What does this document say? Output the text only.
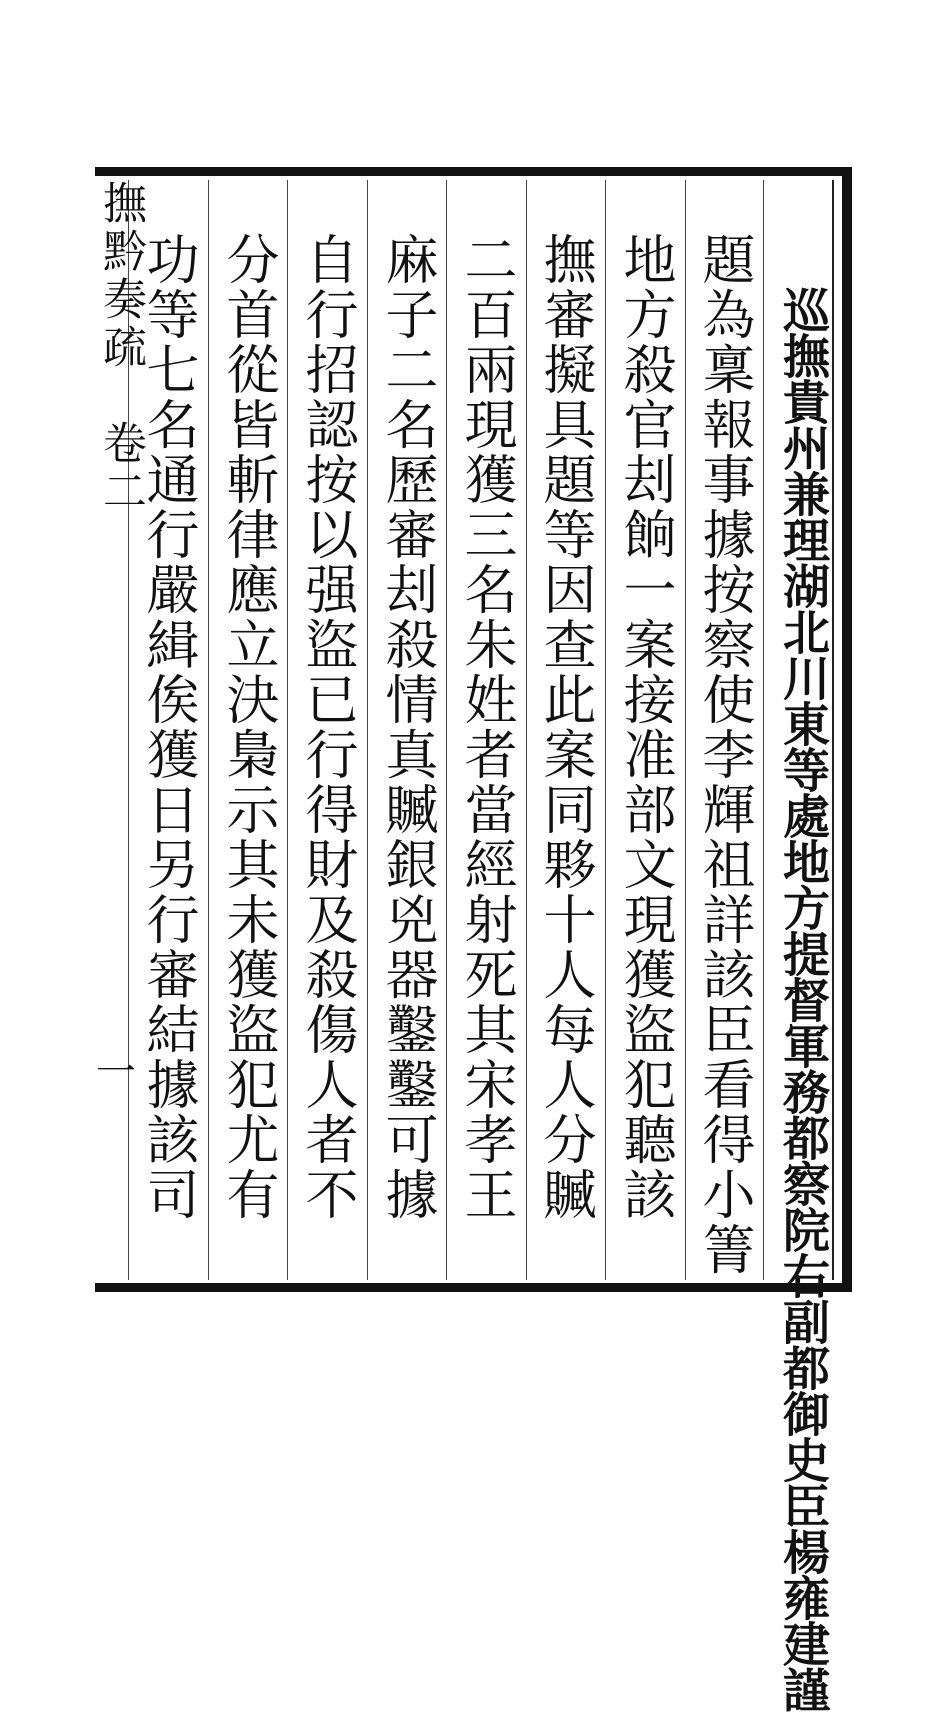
巡撫貴州兼理湖北川東等處地方提督軍務都察院右副都御史臣楊雍建謹
題為稟報事據按察使李輝祖詳該臣看得小箐
地方殺官刦餉一案接准部文現獲盜犯聽該
撫審擬具題等因查此案同夥十人每人分贓
二百兩現獲三名朱姓者當經射死其宋孝王
麻子二名歷審刦殺情真贓銀兇器鑿鑿可據
自行招認按以强盜已行得財及殺傷人者不
分首從皆斬律應立決梟示其未獲盜犯尤有
功等七名通行嚴緝俟獲日另行審結據該司
撫黔奏疏　卷二
一
